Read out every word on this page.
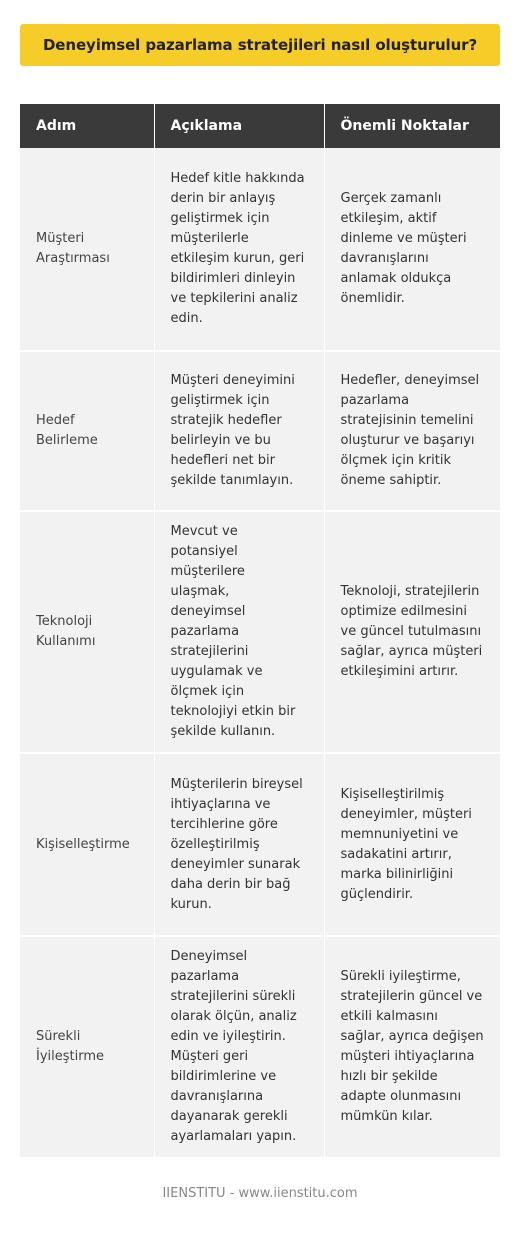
Deneyimsel pazarlama stratejileri nasıl oluşturulur?
Adım	Açıklama	Önemli Noktalar
Müşteri Araştırması	Hedef kitle hakkında derin bir anlayış geliştirmek için müşterilerle etkileşim kurun, geri bildirimleri dinleyin ve tepkilerini analiz edin.	Gerçek zamanlı etkileşim, aktif dinleme ve müşteri davranışlarını anlamak oldukça önemlidir.
Hedef Belirleme	Müşteri deneyimini geliştirmek için stratejik hedefler belirleyin ve bu hedefleri net bir şekilde tanımlayın.	Hedefler, deneyimsel pazarlama stratejisinin temelini oluşturur ve başarıyı ölçmek için kritik öneme sahiptir.
Teknoloji Kullanımı	Mevcut ve potansiyel müşterilere ulaşmak, deneyimsel pazarlama stratejilerini uygulamak ve ölçmek için teknolojiyi etkin bir şekilde kullanın.	Teknoloji, stratejilerin optimize edilmesini ve güncel tutulmasını sağlar, ayrıca müşteri etkileşimini artırır.
Kişiselleştirme	Müşterilerin bireysel ihtiyaçlarına ve tercihlerine göre özelleştirilmiş deneyimler sunarak daha derin bir bağ kurun.	Kişiselleştirilmiş deneyimler, müşteri memnuniyetini ve sadakatini artırır, marka bilinirliğini güçlendirir.
Sürekli İyileştirme	Deneyimsel pazarlama stratejilerini sürekli olarak ölçün, analiz edin ve iyileştirin. Müşteri geri bildirimlerine ve davranışlarına dayanarak gerekli ayarlamaları yapın.	Sürekli iyileştirme, stratejilerin güncel ve etkili kalmasını sağlar, ayrıca değişen müşteri ihtiyaçlarına hızlı bir şekilde adapte olunmasını mümkün kılar.
IIENSTITU - www.iienstitu.com
